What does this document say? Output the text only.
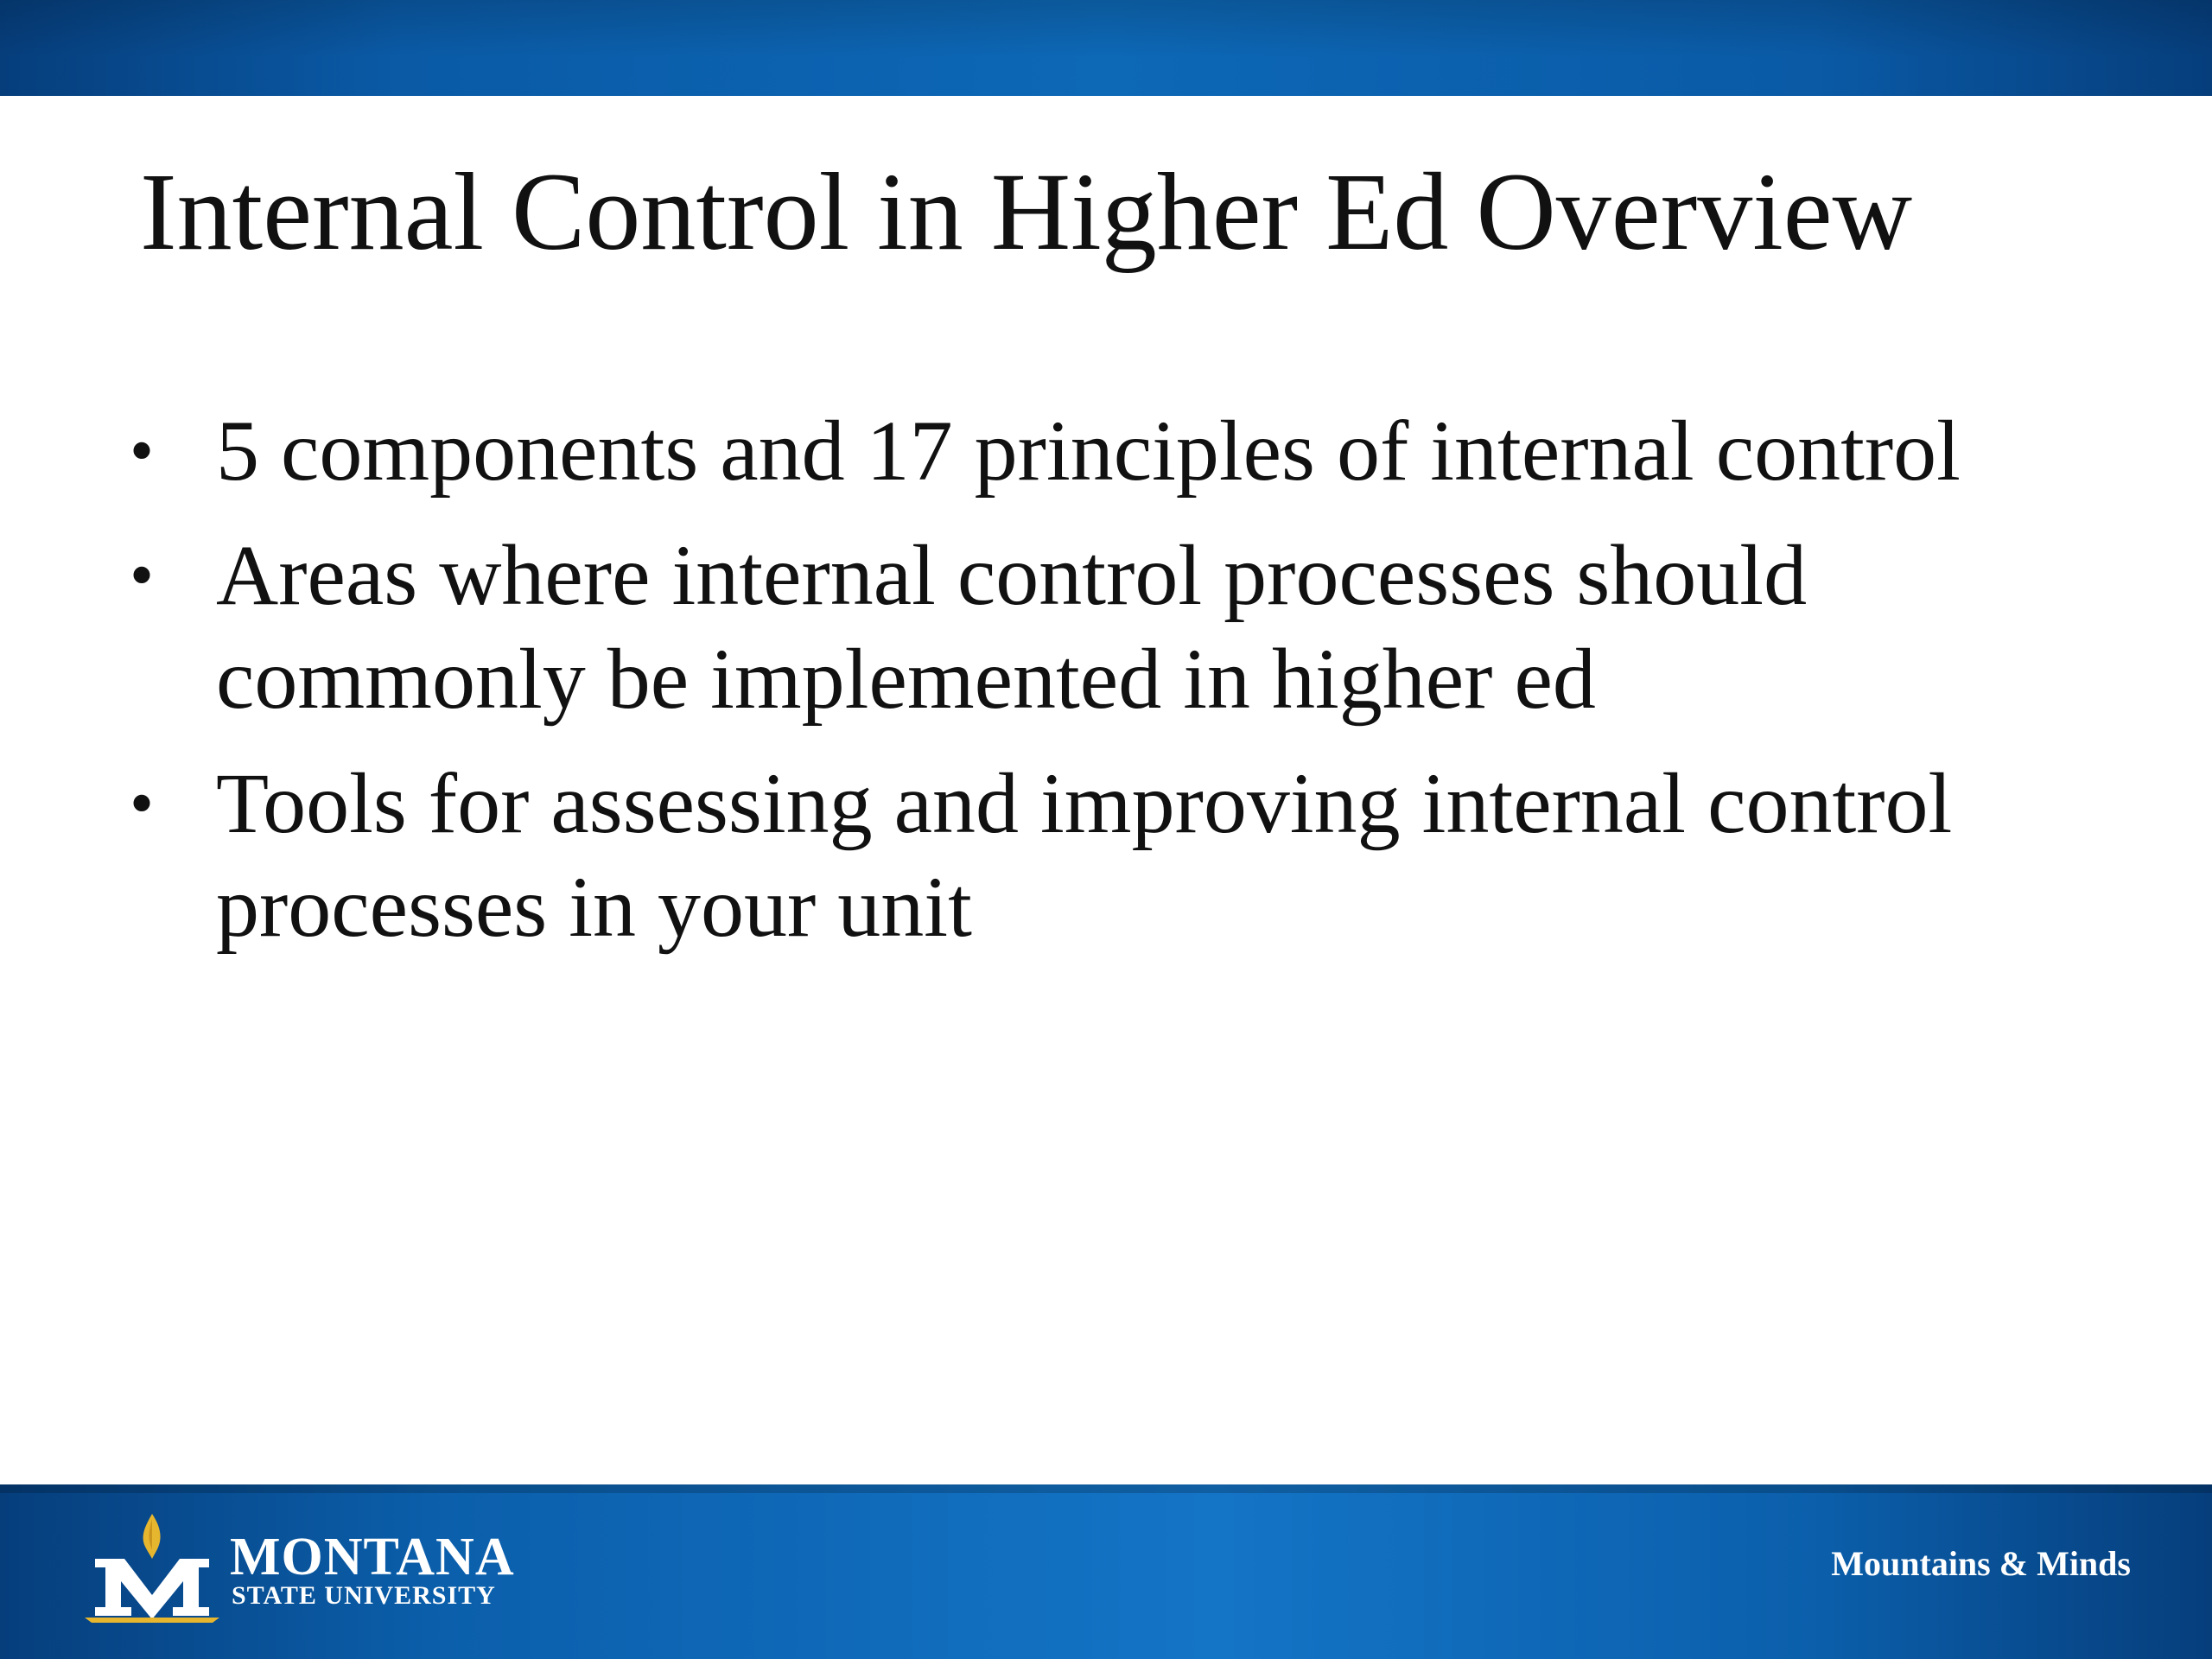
Internal Control in Higher Ed Overview
• 5 components and 17 principles of internal control
• Areas where internal control processes should commonly be implemented in higher ed
• Tools for assessing and improving internal control processes in your unit
MONTANA
STATE UNIVERSITY
Mountains & Minds
